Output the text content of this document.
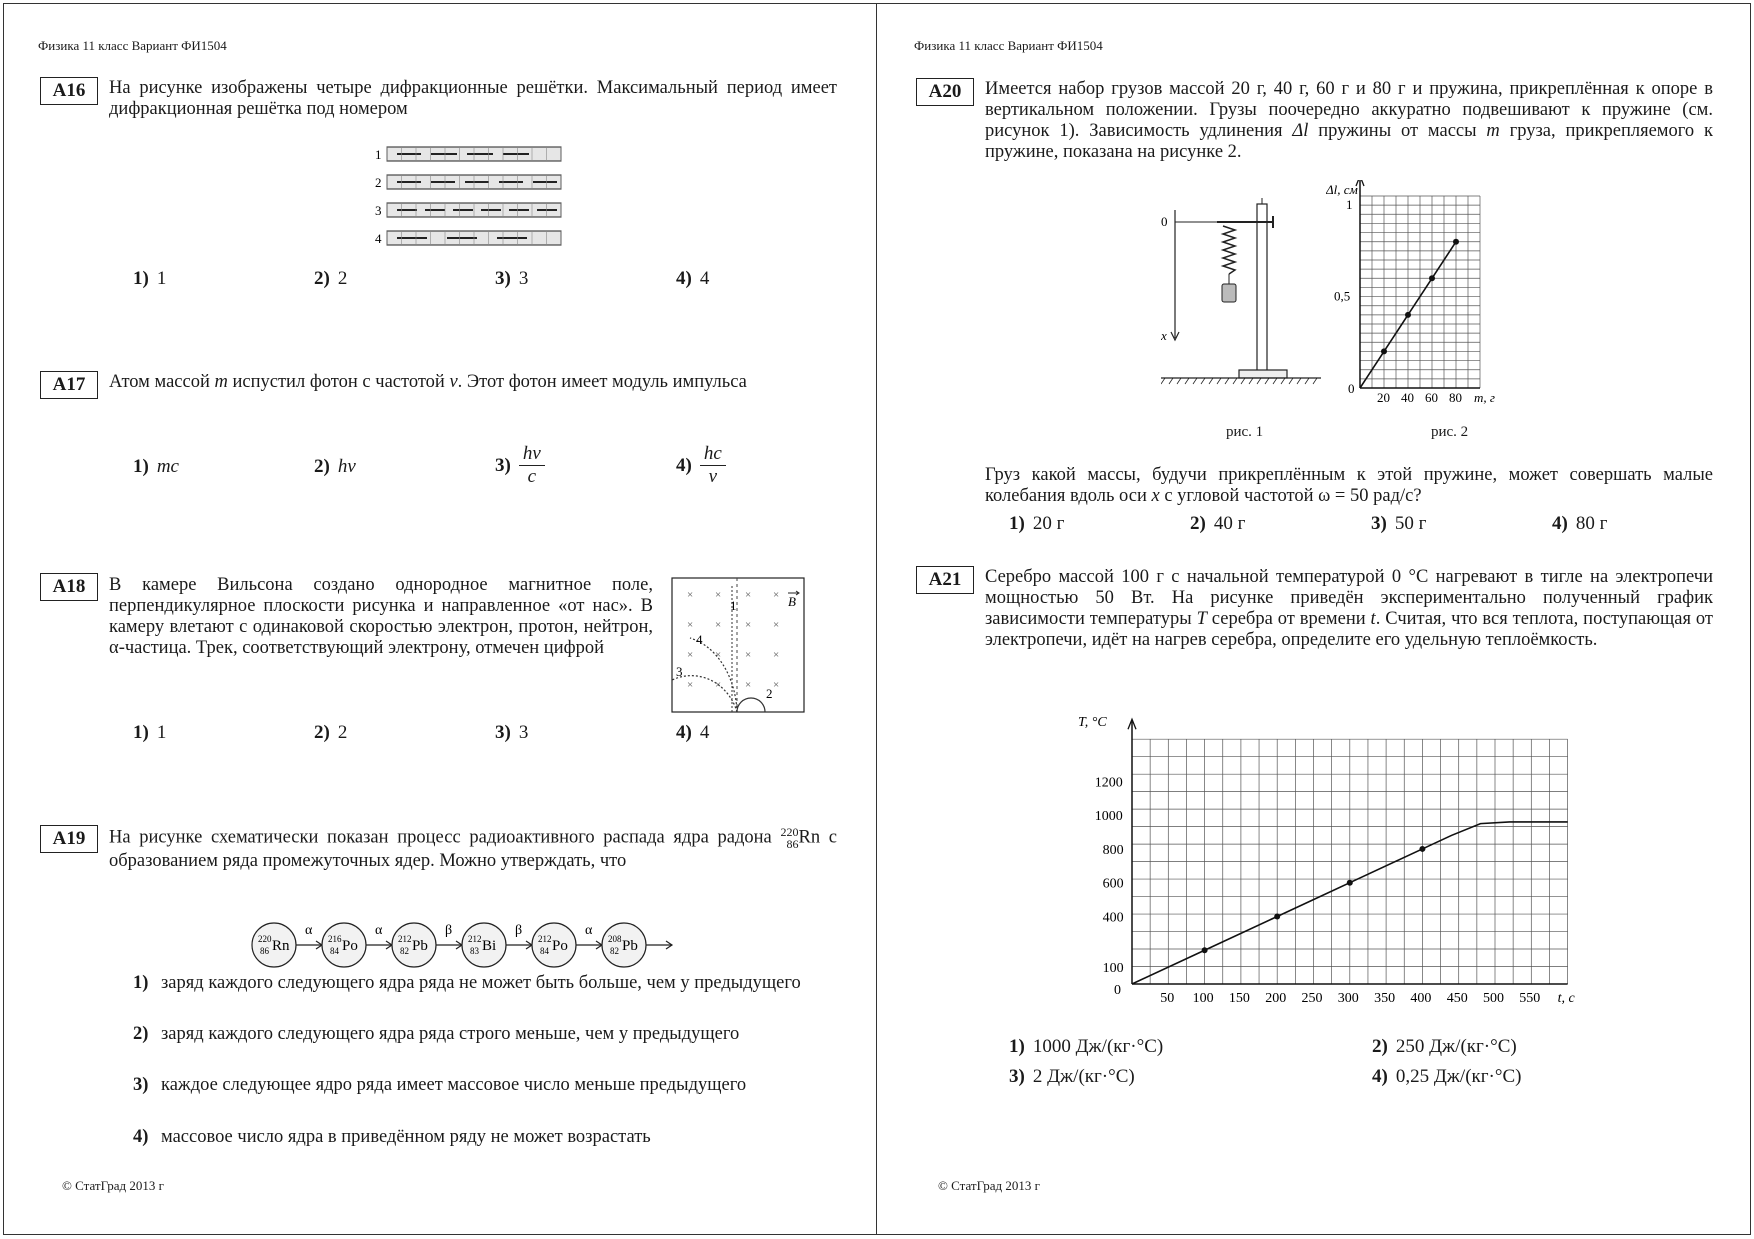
Физика 11 класс Вариант ФИ1504
A16	На рисунке изображены четыре дифракционные решётки. Максимальный период имеет дифракционная решётка под номером
1
2
3
4
1) 1	2) 2	3) 3	4) 4
A17	Атом массой m испустил фотон с частотой ν. Этот фотон имеет модуль импульса
1) mc	2) hν	$3) \frac{h\nu}{c}$	$4) \frac{hc}{\nu}$
A18	В камере Вильсона создано однородное магнитное поле, перпендикулярное плоскости рисунка и направленное «от нас». В камеру влетают с одинаковой скоростью электрон, протон, нейтрон, α-частица. Трек, соответствующий электрону, отмечен цифрой
× × × ×
× × × ×
× × × ×
× × × ×
1
2
3
4
B
1) 1	2) 2	3) 3	4) 4
A19	На рисунке схематически показан процесс радиоактивного распада ядра радона 220
86 Rn с образованием ряда промежуточных ядер. Можно утверждать, что
220
86 Rn
α
216
84 Po
α
212
82 Pb
β
212
83 Bi
β
212
84 Po
α
208
82 Pb
1) заряд каждого следующего ядра ряда не может быть больше, чем у предыдущего
2) заряд каждого следующего ядра ряда строго меньше, чем у предыдущего
3) каждое следующее ядро ряда имеет массовое число меньше предыдущего
4) массовое число ядра в приведённом ряду не может возрастать
© СтатГрад 2013 г
Физика 11 класс Вариант ФИ1504
A20	Имеется набор грузов массой 20 г, 40 г, 60 г и 80 г и пружина, прикреплённая к опоре в вертикальном положении. Грузы поочередно аккуратно подвешивают к пружине (см. рисунок 1). Зависимость удлинения Δl пружины от массы m груза, прикрепляемого к пружине, показана на рисунке 2.
0
x
рис. 1
20 40 60 80
0,5
1
0
m, г
Δl, см
рис. 2
Груз какой массы, будучи прикреплённым к этой пружине, может совершать малые колебания вдоль оси x с угловой частотой ω = 50 рад/с?
1) 20 г	2) 40 г	3) 50 г	4) 80 г
A21	Серебро массой 100 г с начальной температурой 0 °С нагревают в тигле на электропечи мощностью 50 Вт. На рисунке приведён экспериментально полученный график зависимости температуры T серебра от времени t. Считая, что вся теплота, поступающая от электропечи, идёт на нагрев серебра, определите его удельную теплоёмкость.
50 100 150 200 250 300 350 400 450 500 550
100
400
600
800
1000
1200
0
t, с
T, °С
1) 1000 Дж/(кг·°С)	2) 250 Дж/(кг·°С)
3) 2 Дж/(кг·°С)	4) 0,25 Дж/(кг·°С)
© СтатГрад 2013 г
